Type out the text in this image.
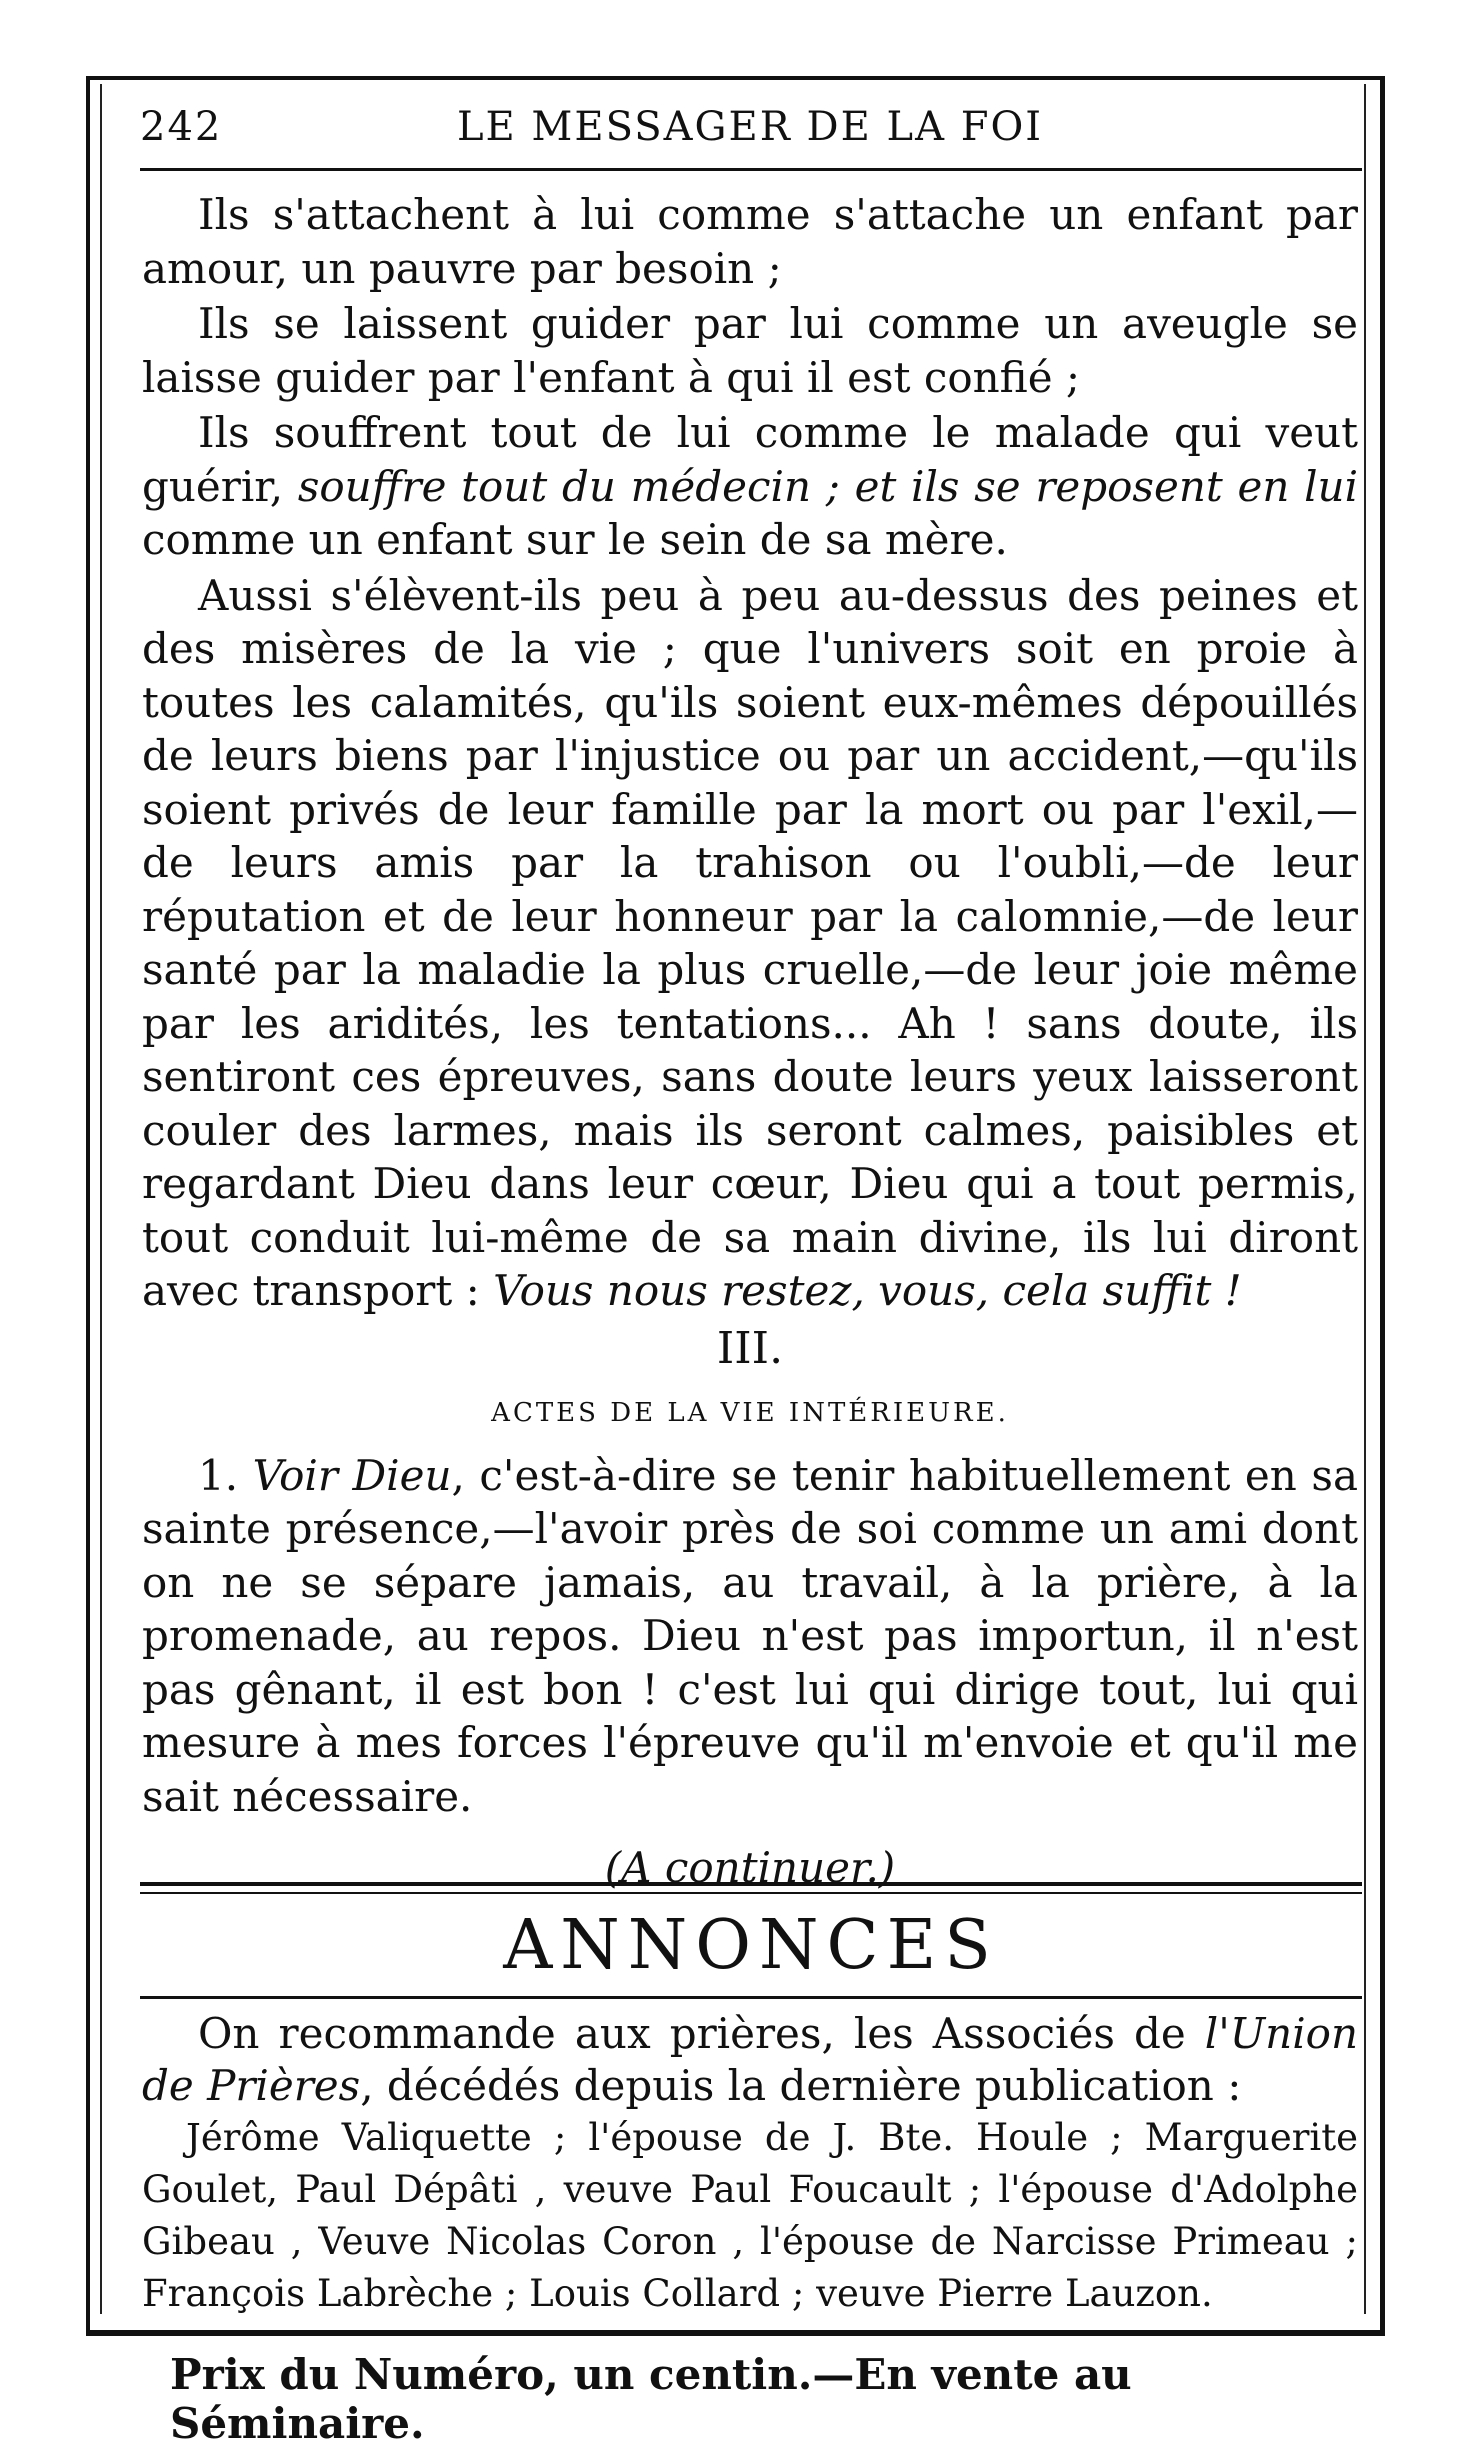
242	LE MESSAGER DE LA FOI

Ils s'attachent à lui comme s'attache un enfant par amour, un pauvre par besoin ;

Ils se laissent guider par lui comme un aveugle se laisse guider par l'enfant à qui il est confié ;

Ils souffrent tout de lui comme le malade qui veut guérir, souffre tout du médecin ; et ils se reposent en lui comme un enfant sur le sein de sa mère.

Aussi s'élèvent-ils peu à peu au-dessus des peines et des misères de la vie ; que l'univers soit en proie à toutes les calamités, qu'ils soient eux-mêmes dépouillés de leurs biens par l'injustice ou par un accident,—qu'ils soient privés de leur famille par la mort ou par l'exil,—de leurs amis par la trahison ou l'oubli,—de leur réputation et de leur honneur par la calomnie,—de leur santé par la maladie la plus cruelle,—de leur joie même par les aridités, les tentations... Ah ! sans doute, ils sentiront ces épreuves, sans doute leurs yeux laisseront couler des larmes, mais ils seront calmes, paisibles et regardant Dieu dans leur cœur, Dieu qui a tout permis, tout conduit lui-même de sa main divine, ils lui diront avec transport : Vous nous restez, vous, cela suffit !

III.
ACTES DE LA VIE INTÉRIEURE.

1. Voir Dieu, c'est-à-dire se tenir habituellement en sa sainte présence,—l'avoir près de soi comme un ami dont on ne se sépare jamais, au travail, à la prière, à la promenade, au repos. Dieu n'est pas importun, il n'est pas gênant, il est bon ! c'est lui qui dirige tout, lui qui mesure à mes forces l'épreuve qu'il m'envoie et qu'il me sait nécessaire.

(A continuer.)
ANNONCES

On recommande aux prières, les Associés de l'Union de Prières, décédés depuis la dernière publication :

Jérôme Valiquette ; l'épouse de J. Bte. Houle ; Marguerite Goulet, Paul Dépâti , veuve Paul Foucault ; l'épouse d'Adolphe Gibeau , Veuve Nicolas Coron , l'épouse de Narcisse Primeau ; François Labrèche ; Louis Collard ; veuve Pierre Lauzon.

Prix du Numéro, un centin.—En vente au Séminaire.
